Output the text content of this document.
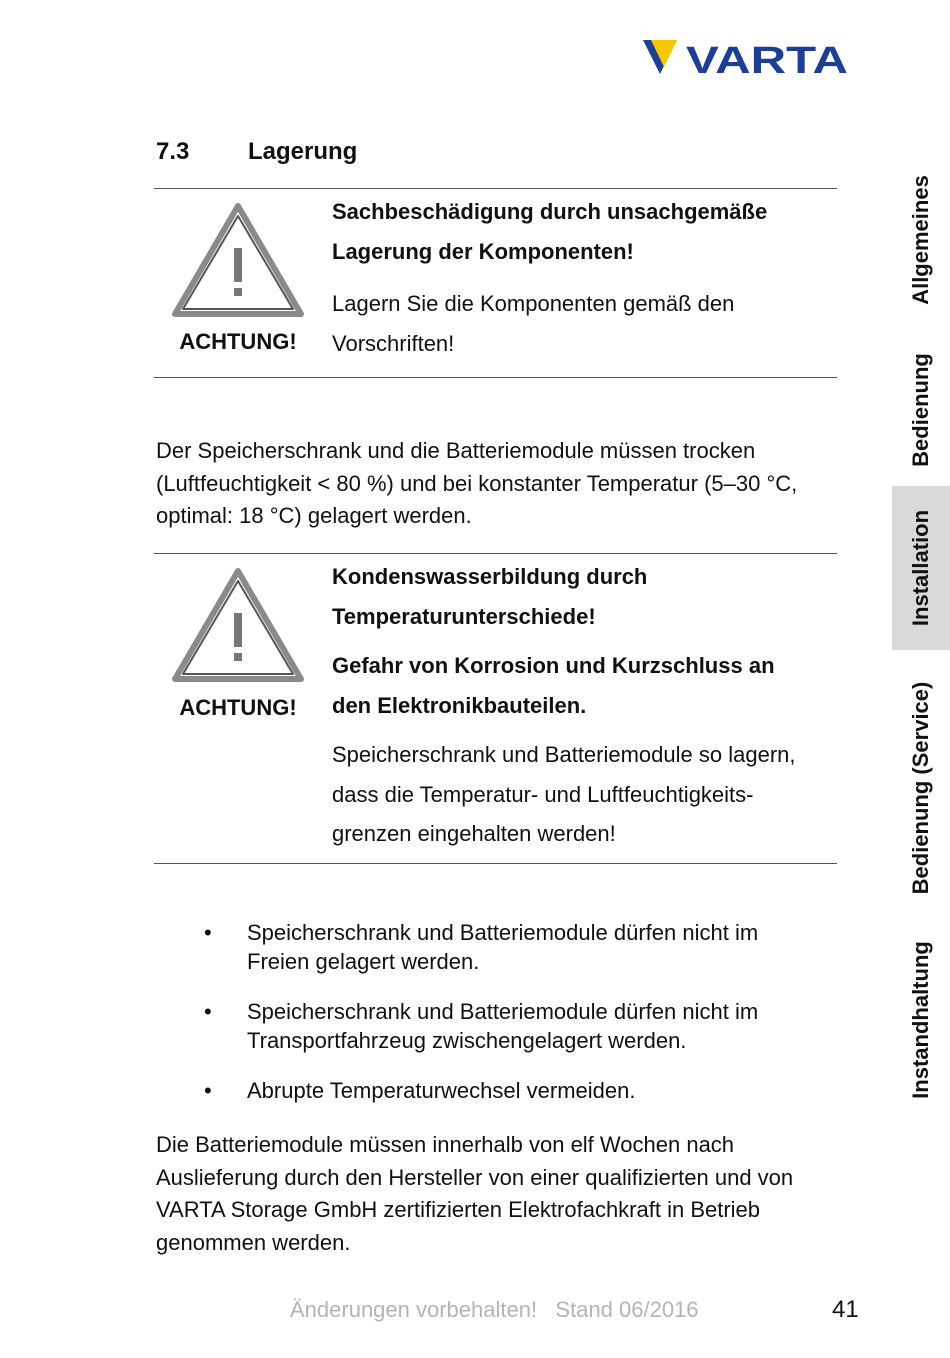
VARTA
7.3 Lagerung
ACHTUNG!

Sachbeschädigung durch unsachgemäße

Lagerung der Komponenten!

Lagern Sie die Komponenten gemäß den

Vorschriften!

Der Speicherschrank und die Batteriemodule müssen trocken
(Luftfeuchtigkeit < 80 %) und bei konstanter Temperatur (5–30 °C,
optimal: 18 °C) gelagert werden.
ACHTUNG!

Kondenswasserbildung durch

Temperaturunterschiede!

Gefahr von Korrosion und Kurzschluss an

den Elektronikbauteilen.

Speicherschrank und Batteriemodule so lagern,

dass die Temperatur- und Luftfeuchtigkeits-

grenzen eingehalten werden!

• Speicherschrank und Batteriemodule dürfen nicht im
Freien gelagert werden.
• Speicherschrank und Batteriemodule dürfen nicht im
Transportfahrzeug zwischengelagert werden.
• Abrupte Temperaturwechsel vermeiden.
Die Batteriemodule müssen innerhalb von elf Wochen nach
Auslieferung durch den Hersteller von einer qualifizierten und von
VARTA Storage GmbH zertifizierten Elektrofachkraft in Betrieb
genommen werden.
Allgemeines
Bedienung
Installation
Bedienung (Service)
Instandhaltung
Änderungen vorbehalten!   Stand 06/2016	41
